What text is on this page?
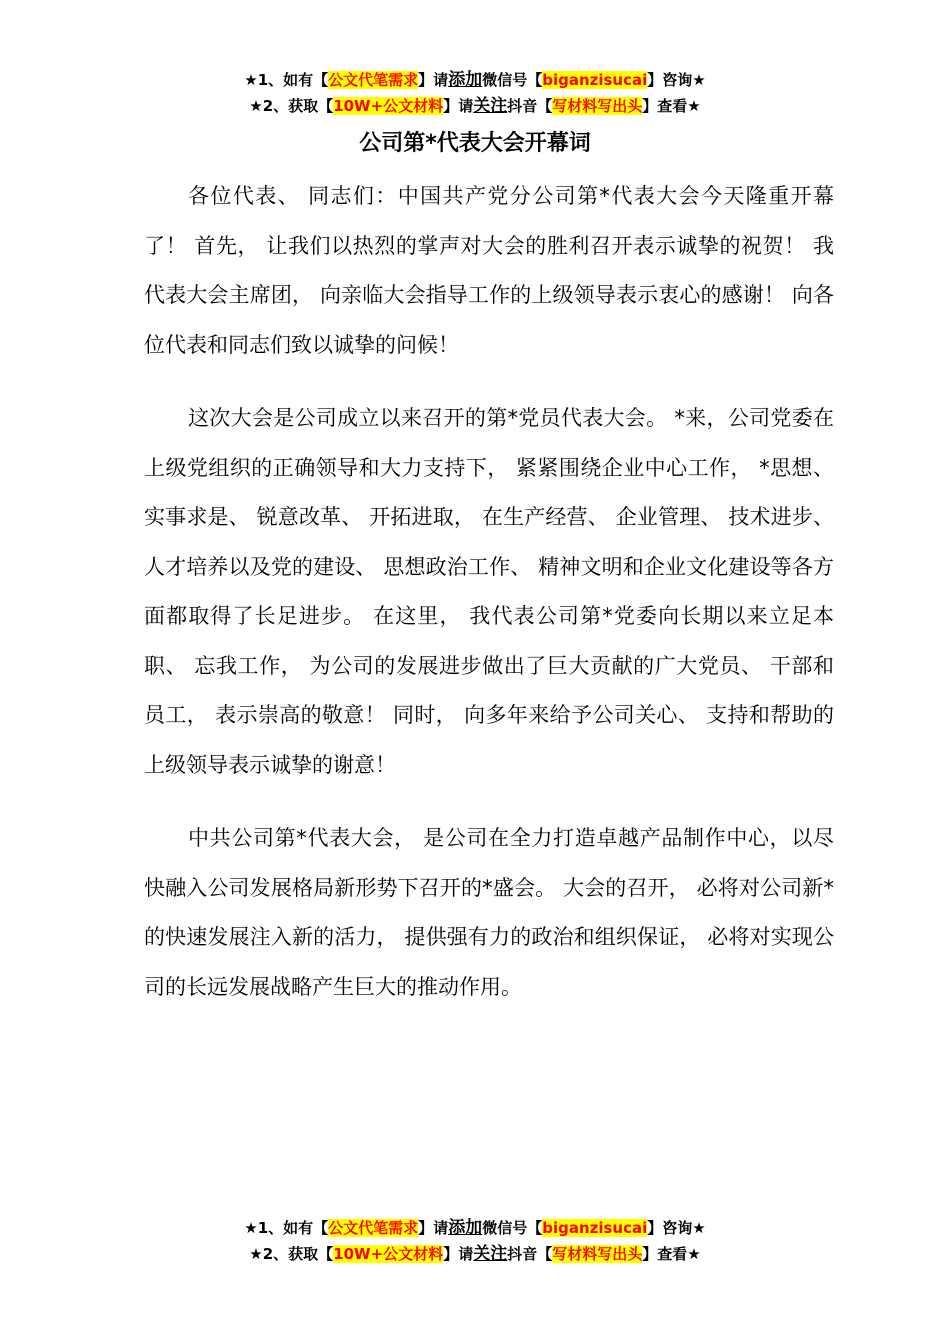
★1、如有【公文代笔需求】请添加微信号【biganzisucai】咨询★
★2、获取【10W+公文材料】请关注抖音【写材料写出头】查看★
公司第*代表大会开幕词

各位代表、 同志们：中国共产党分公司第*代表大会今天隆重开幕了！ 首先， 让我们以热烈的掌声对大会的胜利召开表示诚挚的祝贺！ 我代表大会主席团， 向亲临大会指导工作的上级领导表示衷心的感谢！ 向各位代表和同志们致以诚挚的问候！

这次大会是公司成立以来召开的第*党员代表大会。 *来，公司党委在上级党组织的正确领导和大力支持下， 紧紧围绕企业中心工作， *思想、 实事求是、 锐意改革、 开拓进取， 在生产经营、 企业管理、 技术进步、 人才培养以及党的建设、 思想政治工作、 精神文明和企业文化建设等各方面都取得了长足进步。 在这里， 我代表公司第*党委向长期以来立足本职、 忘我工作， 为公司的发展进步做出了巨大贡献的广大党员、 干部和员工， 表示崇高的敬意！ 同时， 向多年来给予公司关心、 支持和帮助的上级领导表示诚挚的谢意！

中共公司第*代表大会， 是公司在全力打造卓越产品制作中心，以尽快融入公司发展格局新形势下召开的*盛会。 大会的召开， 必将对公司新*的快速发展注入新的活力， 提供强有力的政治和组织保证， 必将对实现公司的长远发展战略产生巨大的推动作用。

★1、如有【公文代笔需求】请添加微信号【biganzisucai】咨询★
★2、获取【10W+公文材料】请关注抖音【写材料写出头】查看★
